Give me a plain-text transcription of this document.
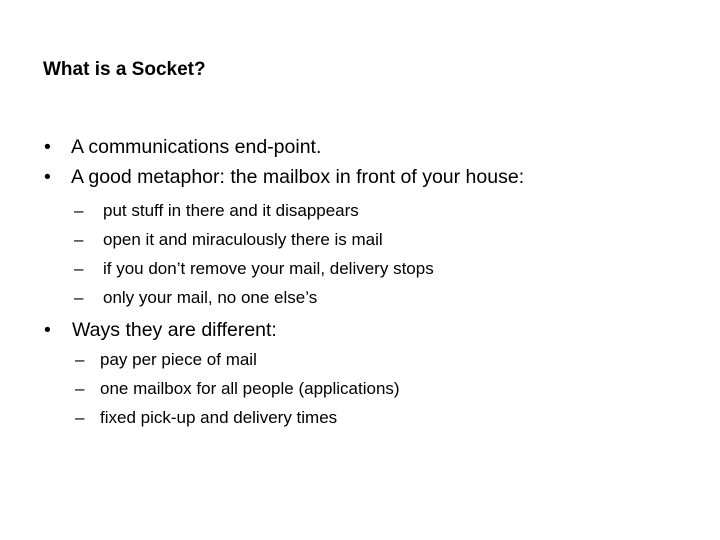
What is a Socket?
• A communications end-point.
• A good metaphor: the mailbox in front of your house:
– put stuff in there and it disappears
– open it and miraculously there is mail
– if you don’t remove your mail, delivery stops
– only your mail, no one else’s
• Ways they are different:
– pay per piece of mail
– one mailbox for all people (applications)
– fixed pick-up and delivery times
